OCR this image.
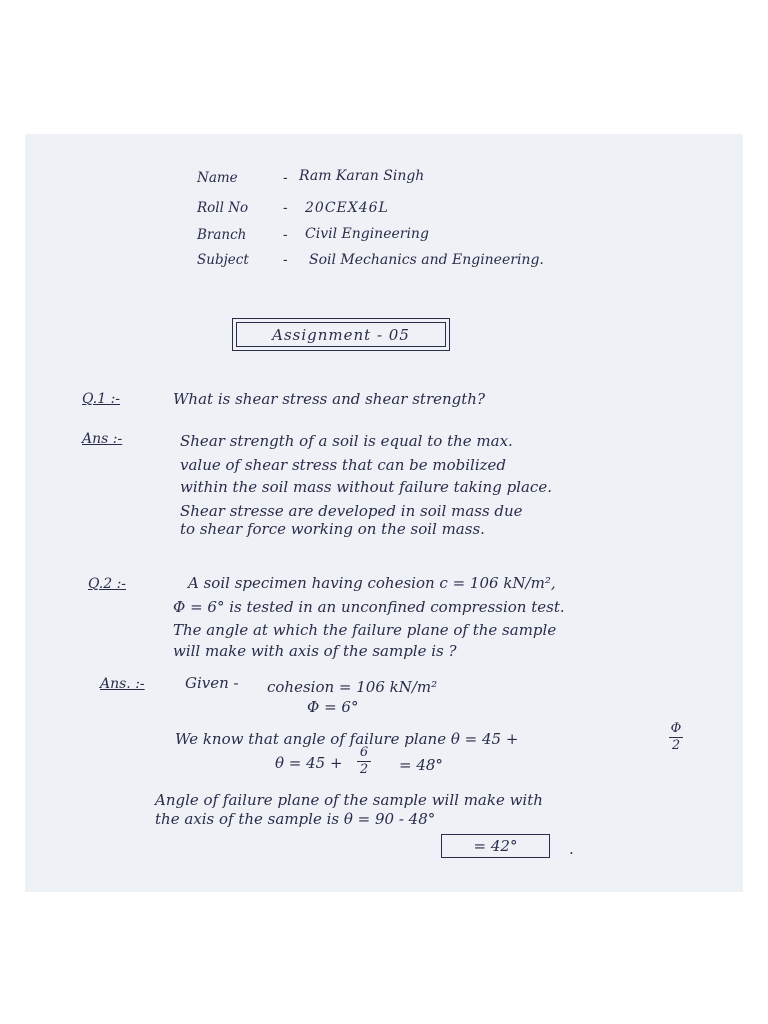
Name	- Ram Karan Singh
Roll No	- 20CEX46L
Branch	- Civil Engineering
Subject	- Soil Mechanics and Engineering.
Assignment - 05
Q.1 :-	What is shear stress and shear strength?
Ans :-	Shear strength of a soil is equal to the max.
value of shear stress that can be mobilized
within the soil mass without failure taking place.
Shear stresse are developed in soil mass due
to shear force working on the soil mass.
Q.2 :-	A soil specimen having cohesion c = 106 kN/m²,
Φ = 6° is tested in an unconfined compression test.
The angle at which the failure plane of the sample
will make with axis of the sample is ?
Ans. :-	Given - cohesion = 106 kN/m²
Φ = 6°
We know that angle of failure plane θ = 45 +
Φ
2
θ = 45 +
6
2 = 48°
Angle of failure plane of the sample will make with
the axis of the sample is θ = 90 - 48°
= 42°	.
